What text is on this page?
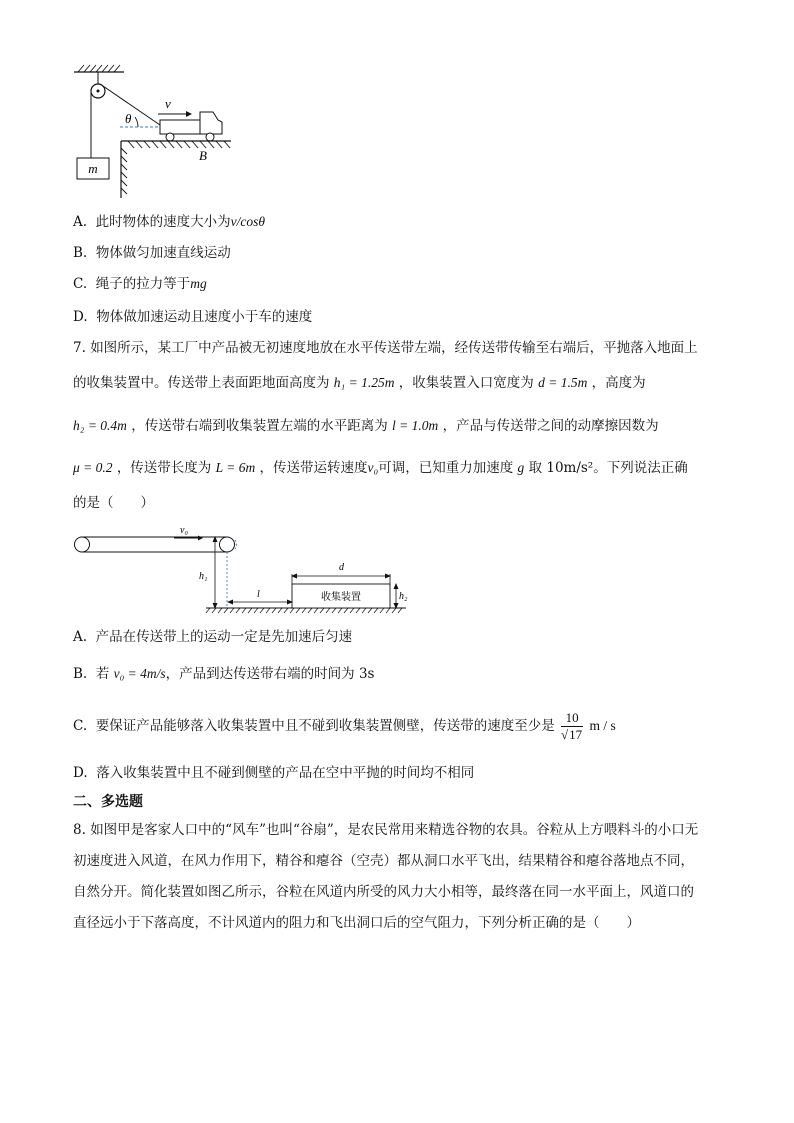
m
θ
v
B
A. 此时物体的速度大小为v/cosθ
B. 物体做匀加速直线运动
C. 绳子的拉力等于mg
D. 物体做加速运动且速度小于车的速度
7. 如图所示，某工厂中产品被无初速度地放在水平传送带左端，经传送带传输至右端后，平抛落入地面上
的收集装置中。传送带上表面距地面高度为 h₁ = 1.25m ，收集装置入口宽度为 d = 1.5m ，高度为
h₂ = 0.4m ，传送带右端到收集装置左端的水平距离为 l = 1.0m ，产品与传送带之间的动摩擦因数为
μ = 0.2 ，传送带长度为 L = 6m ，传送带运转速度v₀可调，已知重力加速度 g 取 10m/s²。下列说法正确
的是（　　）
v₀
h₁
收集装置
l
d
h₂
A. 产品在传送带上的运动一定是先加速后匀速
B. 若 v₀ = 4m/s，产品到达传送带右端的时间为 3s
C. 要保证产品能够落入收集装置中且不碰到收集装置侧壁，传送带的速度至少是 $\frac{10}{√17}$ m / s
D. 落入收集装置中且不碰到侧壁的产品在空中平抛的时间均不相同
二、多选题
8. 如图甲是客家人口中的“风车”也叫“谷扇”，是农民常用来精选谷物的农具。谷粒从上方喂料斗的小口无
初速度进入风道，在风力作用下，精谷和瘪谷（空壳）都从洞口水平飞出，结果精谷和瘪谷落地点不同，
自然分开。简化装置如图乙所示，谷粒在风道内所受的风力大小相等，最终落在同一水平面上，风道口的
直径远小于下落高度，不计风道内的阻力和飞出洞口后的空气阻力，下列分析正确的是（　　）
